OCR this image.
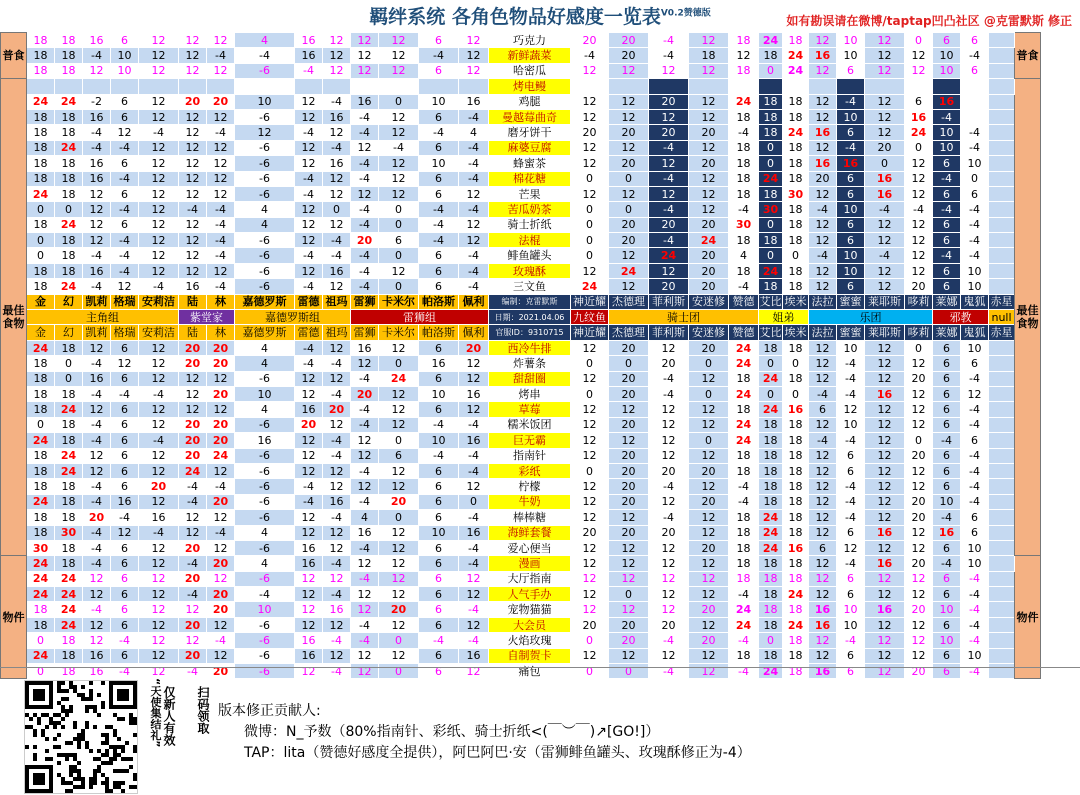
羁绊系统 各角色物品好感度一览表$^{V0.2赞德版}$
如有勘误请在微博/taptap凹凸社区 @克雷默斯 修正
普食	18	18	16	6	12	12	12	4	16	12	12	12	6	12	巧克力	20	20	-4	12	18	24	18	12	10	12	0	6	6		普食
	18	18	-4	10	12	12	-4	-4	16	12	12	12	-4	12	新鲜蔬菜	-4	20	-4	18	12	18	24	16	10	12	12	10	-4		
	18	18	12	10	12	12	12	-6	-4	12	12	12	6	12	哈密瓜	12	12	12	12	18	0	24	12	6	12	12	10	6		
最佳食物															烤电鳗															最佳食物
	24	24	-2	6	12	20	20	10	12	-4	16	0	10	16	鸡腿	12	12	20	12	24	18	18	12	-4	12	6	16			
	18	18	16	6	12	12	12	-6	12	16	-4	12	6	-4	曼越莓曲奇	12	12	12	12	18	18	18	12	10	12	16	-4			
	18	18	-4	12	-4	12	-4	12	-4	12	-4	12	-4	4	磨牙饼干	20	20	20	20	-4	18	24	16	6	12	24	10	-4		
	18	24	-4	-4	12	12	12	-6	12	-4	12	-4	6	-4	麻婆豆腐	12	12	-4	12	18	0	18	12	-4	20	0	10	-4		
	18	18	16	6	12	12	12	-6	12	16	-4	12	10	-4	蜂蜜茶	12	20	12	20	18	0	18	16	16	0	12	6	10		
	18	18	16	-4	12	12	12	-6	-4	12	-4	12	6	-4	棉花糖	0	0	-4	12	18	24	18	20	6	16	12	-4	0		
	24	18	12	6	12	12	12	-6	-4	12	12	12	6	12	芒果	12	12	12	12	18	18	30	12	6	16	12	6	6		
	0	0	12	-4	12	-4	-4	4	12	0	-4	0	-4	-4	苦瓜奶茶	0	0	-4	12	-4	30	18	-4	10	-4	-4	-4	-4		
	18	24	12	6	12	12	-4	4	12	12	-4	0	-4	12	骑士折纸	0	20	20	20	30	0	18	12	6	12	12	6	-4		
	0	18	12	-4	12	12	-4	-6	12	-4	20	6	-4	12	法棍	0	20	-4	24	18	18	18	12	6	12	12	6	-4		
	0	18	-4	-4	12	12	-4	-6	-4	-4	-4	0	6	-4	鲱鱼罐头	0	12	24	20	4	0	0	-4	10	-4	12	-4	-4		
	18	18	16	-4	12	12	12	-6	12	16	-4	12	6	-4	玫瑰酥	12	24	12	20	18	24	18	12	10	12	12	6	10		
	18	24	-4	12	-4	16	-4	-6	-4	12	-4	0	6	-4	三文鱼	24	12	20	20	-4	18	18	12	6	12	20	6	10		
	金	幻	凯莉	格瑞	安莉洁	陆	林	嘉德罗斯	雷德	祖玛	雷狮	卡米尔	帕洛斯	佩利	编制：克雷默斯	神近耀	杰德理	菲利斯	安迷修	赞德	艾比	埃米	法拉	蜜蜜	莱耶斯	哆莉	莱娜	鬼狐	赤星	
	主角组					紫堂家		嘉德罗斯组			雷狮组				日期：2021.04.06	九纹鱼	骑士团				姐弟		乐团				邪教		null	
	金	幻	凯莉	格瑞	安莉洁	陆	林	嘉德罗斯	雷德	祖玛	雷狮	卡米尔	帕洛斯	佩利	官服ID：9310715	神近耀	杰德理	菲利斯	安迷修	赞德	艾比	埃米	法拉	蜜蜜	莱耶斯	哆莉	莱娜	鬼狐	赤星	
	24	18	12	6	12	20	20	4	-4	12	16	12	6	20	西冷牛排	12	20	12	20	24	18	18	12	10	12	0	6	10		
	18	0	-4	12	12	20	20	4	-4	-4	12	0	16	12	炸薯条	0	0	20	0	24	0	0	12	-4	12	12	6	6		
	18	0	16	6	12	12	12	-6	12	12	-4	24	6	12	甜甜圈	12	20	-4	12	18	24	18	12	-4	12	20	6	-4		
	18	18	-4	-4	-4	12	20	10	12	-4	20	12	10	16	烤串	0	20	-4	0	24	0	0	-4	-4	16	12	6	12		
	18	24	12	6	12	12	12	4	16	20	-4	12	6	12	草莓	12	12	12	12	18	24	16	6	12	12	12	6	-4		
	0	18	-4	6	12	20	20	-6	20	12	-4	12	-4	-4	糯米饭团	12	20	12	12	24	18	18	12	10	12	12	6	-4		
	24	18	-4	6	-4	20	20	16	12	-4	12	0	10	16	巨无霸	12	12	12	0	24	18	18	-4	-4	12	0	-4	6		
	18	24	12	6	12	20	24	-6	12	-4	12	6	-4	-4	指南针	12	20	12	12	18	18	18	12	6	12	20	6	-4		
	18	24	12	6	12	24	12	-6	12	12	-4	12	6	-4	彩纸	0	20	20	20	18	18	18	12	6	12	12	6	-4		
	18	18	-4	6	20	-4	-4	-6	-4	12	12	12	6	12	柠檬	12	20	-4	12	-4	18	18	12	-4	12	12	6	-4		
	24	18	-4	16	12	-4	20	-6	-4	16	-4	20	6	0	牛奶	12	20	12	20	-4	18	18	12	-4	12	20	10	-4		
	18	18	20	-4	16	12	12	-6	12	-4	4	0	6	-4	棒棒糖	12	12	-4	12	18	24	18	12	-4	12	20	-4	6		
	18	30	-4	12	-4	12	-4	4	12	12	16	12	10	16	海鲜套餐	20	20	20	12	18	24	18	12	6	16	12	16	6		
	30	18	-4	6	12	20	12	-6	16	12	-4	12	6	-4	爱心便当	12	12	12	20	18	24	16	6	12	12	12	6	10		
物件	24	18	-4	6	12	-4	20	4	16	-4	12	12	6	-4	漫画	12	12	12	12	18	18	18	12	-4	16	20	-4	10		物件
	24	24	12	6	12	20	12	-6	12	12	-4	12	6	12	大厅指南	12	12	12	12	18	18	18	12	6	12	12	6	-4		
	24	24	12	6	12	-4	20	-4	12	-4	12	12	6	12	人气手办	12	0	12	12	-4	18	24	12	6	12	12	6	-4		
	18	24	-4	6	12	12	20	10	12	16	12	20	6	-4	宠物猫猫	12	12	12	20	24	18	18	16	10	16	20	10	-4		
	18	24	12	6	12	20	12	-6	12	12	-4	12	6	12	大会员	20	20	20	12	24	18	24	16	10	12	12	6	-4		
	0	18	12	-4	12	12	-4	-6	16	-4	-4	0	-4	-4	火焰玫瑰	0	20	-4	20	-4	0	18	12	-4	12	12	10	-4		
	24	18	16	6	12	20	12	-6	16	12	12	12	6	16	自制贺卡	12	12	12	12	18	18	18	12	6	12	12	6	10		
	0	18	16	-4	12	-4	20	-6	12	-4	12	0	6	12	痛包	0	0	-4	12	-4	24	18	16	6	12	20	6	-4		
“天使集结礼” 仅新人有效 扫码领取 版本修正贡献人:
微博：N_予数（80%指南针、彩纸、骑士折纸<(￣︶￣)↗[GO!]）
TAP：lita（赞德好感度全提供），阿巴阿巴·安（雷狮鲱鱼罐头、玫瑰酥修正为-4）
